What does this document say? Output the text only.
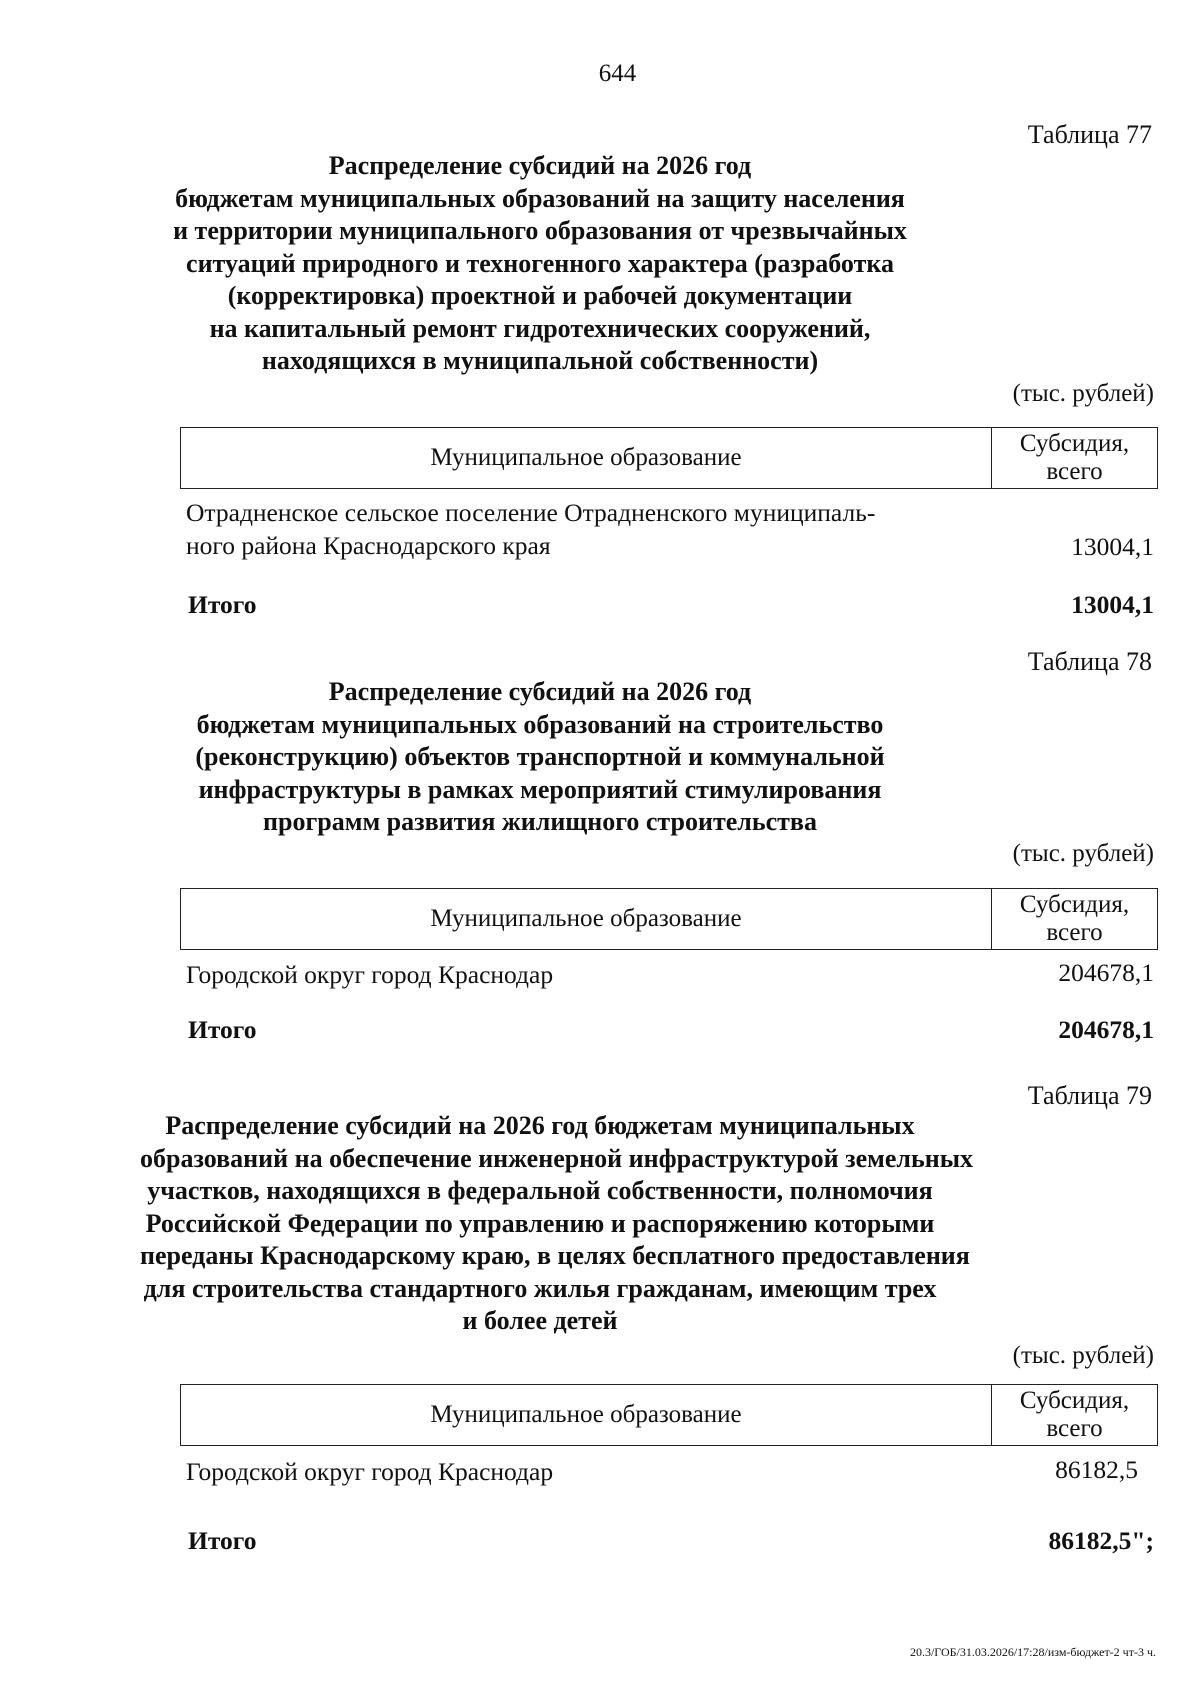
644
Таблица 77
Распределение субсидий на 2026 год
бюджетам муниципальных образований на защиту населения
и территории муниципального образования от чрезвычайных
ситуаций природного и техногенного характера (разработка
(корректировка) проектной и рабочей документации
на капитальный ремонт гидротехнических сооружений,
находящихся в муниципальной собственности)
(тыс. рублей)
Муниципальное образование
Субсидия,
всего
Отрадненское сельское поселение Отрадненского муниципаль-
ного района Краснодарского края	13004,1
Итого	13004,1
Таблица 78
Распределение субсидий на 2026 год
бюджетам муниципальных образований на строительство
(реконструкцию) объектов транспортной и коммунальной
инфраструктуры в рамках мероприятий стимулирования
программ развития жилищного строительства
(тыс. рублей)
Муниципальное образование
Субсидия,
всего
Городской округ город Краснодар	204678,1
Итого	204678,1
Таблица 79
Распределение субсидий на 2026 год бюджетам муниципальных
образований на обеспечение инженерной инфраструктурой земельных
участков, находящихся в федеральной собственности, полномочия
Российской Федерации по управлению и распоряжению которыми
переданы Краснодарскому краю, в целях бесплатного предоставления
для строительства стандартного жилья гражданам, имеющим трех
и более детей
(тыс. рублей)
Муниципальное образование
Субсидия,
всего
Городской округ город Краснодар	86182,5
Итого	86182,5";
20.3/ГОБ/31.03.2026/17:28/изм-бюджет-2 чт-3 ч.
